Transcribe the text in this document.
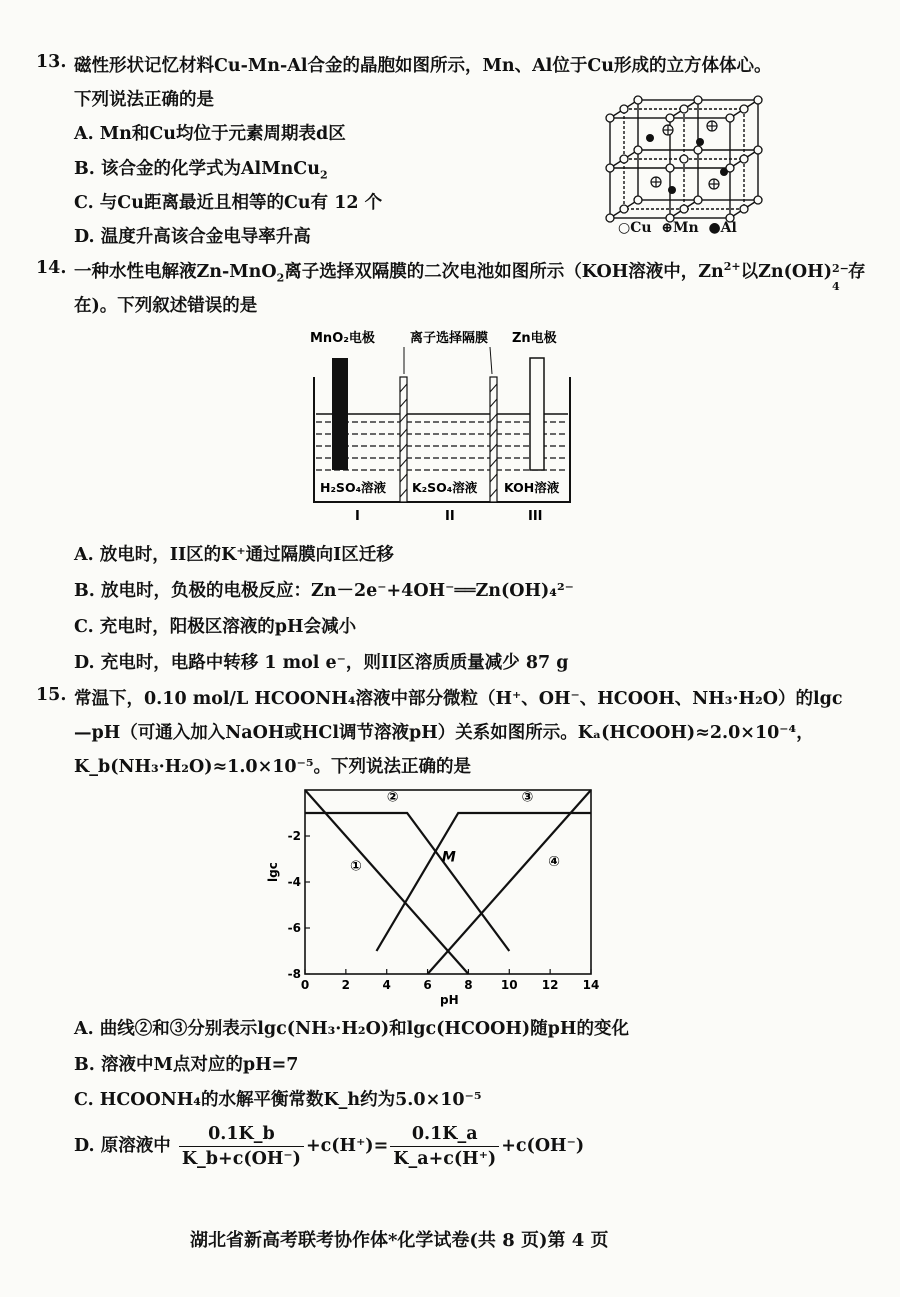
13. 磁性形状记忆材料Cu-Mn-Al合金的晶胞如图所示，Mn、Al位于Cu形成的立方体体心。
下列说法正确的是
A. Mn和Cu均位于元素周期表d区
B. 该合金的化学式为AlMnCu$_2$
C. 与Cu距离最近且相等的Cu有 12 个
D. 温度升高该合金电导率升高	○Cu ⊕Mn ●Al
14. 一种水性电解液Zn-MnO$_2$离子选择双隔膜的二次电池如图所示（KOH溶液中，$Zn^{2+}$以Zn(OH) 2−
4
存
在)。下列叙述错误的是
MnO₂电极	离子选择隔膜 Zn电极
H₂SO₄溶液 K₂SO₄溶液 KOH溶液
I	II	III
A. 放电时，II区的K⁺通过隔膜向I区迁移
B. 放电时，负极的电极反应：Zn－2e⁻+4OH⁻══Zn(OH)₄²⁻
C. 充电时，阳极区溶液的pH会减小
D. 充电时，电路中转移 1 mol e⁻，则II区溶质质量减少 87 g
15. 常温下，0.10 mol/L HCOONH₄溶液中部分微粒（H⁺、OH⁻、HCOOH、NH₃·H₂O）的lgc
—pH（可通入加入NaOH或HCl调节溶液pH）关系如图所示。Kₐ(HCOOH)≈2.0×10⁻⁴，
K_b(NH₃·H₂O)≈1.0×10⁻⁵。下列说法正确的是
0	2	4	6	8 10 12 14
-2
-4
-6
-8
pH
lgc	①
②	③
④
M
A. 曲线②和③分别表示lgc(NH₃·H₂O)和lgc(HCOOH)随pH的变化
B. 溶液中M点对应的pH=7
C. HCOONH₄的水解平衡常数K_h约为5.0×10⁻⁵
D. 原溶液中 $\frac{0.1K\_b}{K\_b+c(OH^-)} +c(H^+)= \frac{0.1K\_a}{K\_a+c(H^+)} +c(OH^-)$
湖北省新高考联考协作体*化学试卷(共 8 页)第 4 页
